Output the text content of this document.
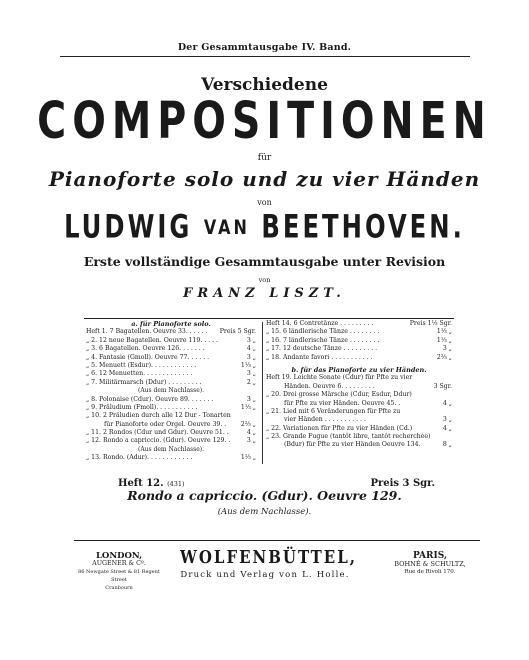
Der Gesammtausgabe IV. Band.
Verschiedene
COMPOSITIONEN
für
Pianoforte solo und zu vier Händen
von
LUDWIG VAN BEETHOVEN.
Erste vollständige Gesammtausgabe unter Revision
von
FRANZ LISZT.
a. für Pianoforte solo.
Heft 1. 7 Bagatellen. Oeuvre 33. . . . . . Preis 5 Sgr.
„ 2. 12 neue Bagatellen. Oeuvre 119. . . . .	3 „
„ 3. 6 Bagatellen. Oeuvre 126. . . . . . .	4 „
„ 4. Fantasie (Gmoll). Oeuvre 77. . . . . .	3 „
„ 5. Menuett (Esdur). . . . . . . . . . . .	1⅓ „
„ 6. 12 Menuetten. . . . . . . . . . . . .	3 „
„ 7. Militärmarsch (Ddur) . . . . . . . . .	2 „
(Aus dem Nachlasse).
„ 8. Polonaise (Cdur). Oeuvre 89. . . . . . .	3 „
„ 9. Präludium (Fmoll). . . . . . . . . . .	1⅓ „
„ 10. 2 Präludien durch alle 12 Dur - Tonarten
für Pianoforte oder Orgel. Oeuvre 39. . 2⅔ „
„ 11. 2 Rondos (Cdur und Gdur). Oeuvre 51. .	4 „
„ 12. Rondo a capriccio. (Gdur). Oeuvre 129. .	3 „
(Aus dem Nachlasse).
„ 13. Rondo. (Adur). . . . . . . . . . . .	1⅓ „
Heft 14. 6 Contretänze . . . . . . . . .	Preis 1⅓ Sgr.
„ 15. 6 ländlerische Tänze . . . . . . . .	1⅓ „
„ 16. 7 ländlerische Tänze . . . . . . . .	1⅓ „
„ 17. 12 deutsche Tänze . . . . . . . . .	3 „
„ 18. Andante favori . . . . . . . . . . .	2⅔ „
b. für das Pianoforte zu vier Händen.
Heft 19. Leichte Sonate (Cdur) für Pfte zu vier
Händen. Oeuvre 6. . . . . . . . .	3 Sgr.
„ 20. Drei grosse Märsche (Cdur, Esdur, Ddur)
für Pfte zu vier Händen. Oeuvre 45. .	4 „
„ 21. Lied mit 6 Veränderungen für Pfte zu
vier Händen . . . . . . . . . . .	3 „
„ 22. Variationen für Pfte zu vier Händen (Cd.)	4 „
„ 23. Grande Fugue (tantôt libre, tantôt recherchée)
(Bdur) für Pfte zu vier Händen Oeuvre 134.	8 „
Heft 12. (431)	Preis 3 Sgr.
Rondo a capriccio. (Gdur). Oeuvre 129.
(Aus dem Nachlasse).
LONDON,
AUGENER & Cº.
86 Newgate Street & 81 Regent Street
Cranbourn
WOLFENBÜTTEL,
Druck und Verlag von L. Holle.
PARIS,
BOHNÉ & SCHULTZ,
Rue de Rivoli 170.
